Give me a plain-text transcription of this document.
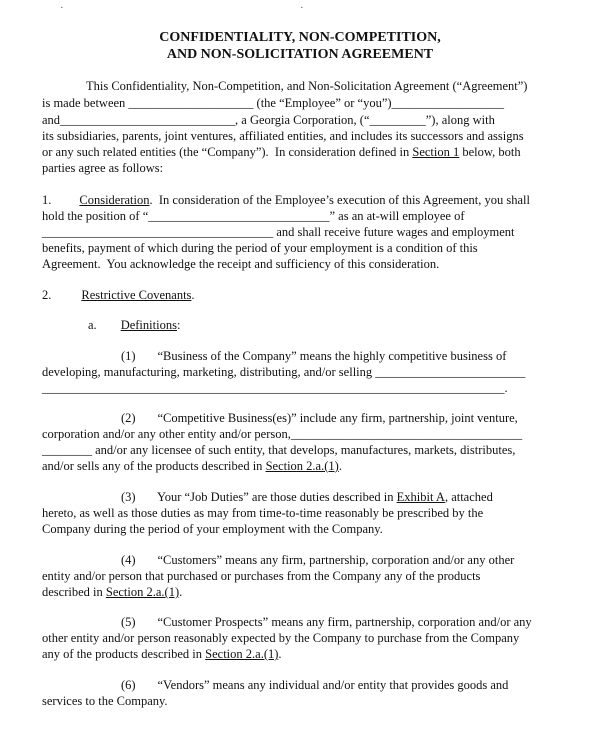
·	·
CONFIDENTIALITY, NON-COMPETITION,
AND NON-SOLICITATION AGREEMENT
This Confidentiality, Non-Competition, and Non-Solicitation Agreement (“Agreement”)
is made between ____________________ (the “Employee” or “you”)__________________
and____________________________, a Georgia Corporation, (“_________”), along with
its subsidiaries, parents, joint ventures, affiliated entities, and includes its successors and assigns
or any such related entities (the “Company”).  In consideration defined in Section 1 below, both
parties agree as follows:
1. Consideration.  In consideration of the Employee’s execution of this Agreement, you shall
hold the position of “_____________________________” as an at-will employee of
_____________________________________ and shall receive future wages and employment
benefits, payment of which during the period of your employment is a condition of this
Agreement.  You acknowledge the receipt and sufficiency of this consideration.
2. Restrictive Covenants.
a. Definitions:
(1)       “Business of the Company” means the highly competitive business of
developing, manufacturing, marketing, distributing, and/or selling ________________________
__________________________________________________________________________.
(2)       “Competitive Business(es)” include any firm, partnership, joint venture,
corporation and/or any other entity and/or person,_____________________________________
________ and/or any licensee of such entity, that develops, manufactures, markets, distributes,
and/or sells any of the products described in Section 2.a.(1).
(3)       Your “Job Duties” are those duties described in Exhibit A, attached
hereto, as well as those duties as may from time-to-time reasonably be prescribed by the
Company during the period of your employment with the Company.
(4)       “Customers” means any firm, partnership, corporation and/or any other
entity and/or person that purchased or purchases from the Company any of the products
described in Section 2.a.(1).
(5)       “Customer Prospects” means any firm, partnership, corporation and/or any
other entity and/or person reasonably expected by the Company to purchase from the Company
any of the products described in Section 2.a.(1).
(6)       “Vendors” means any individual and/or entity that provides goods and
services to the Company.
